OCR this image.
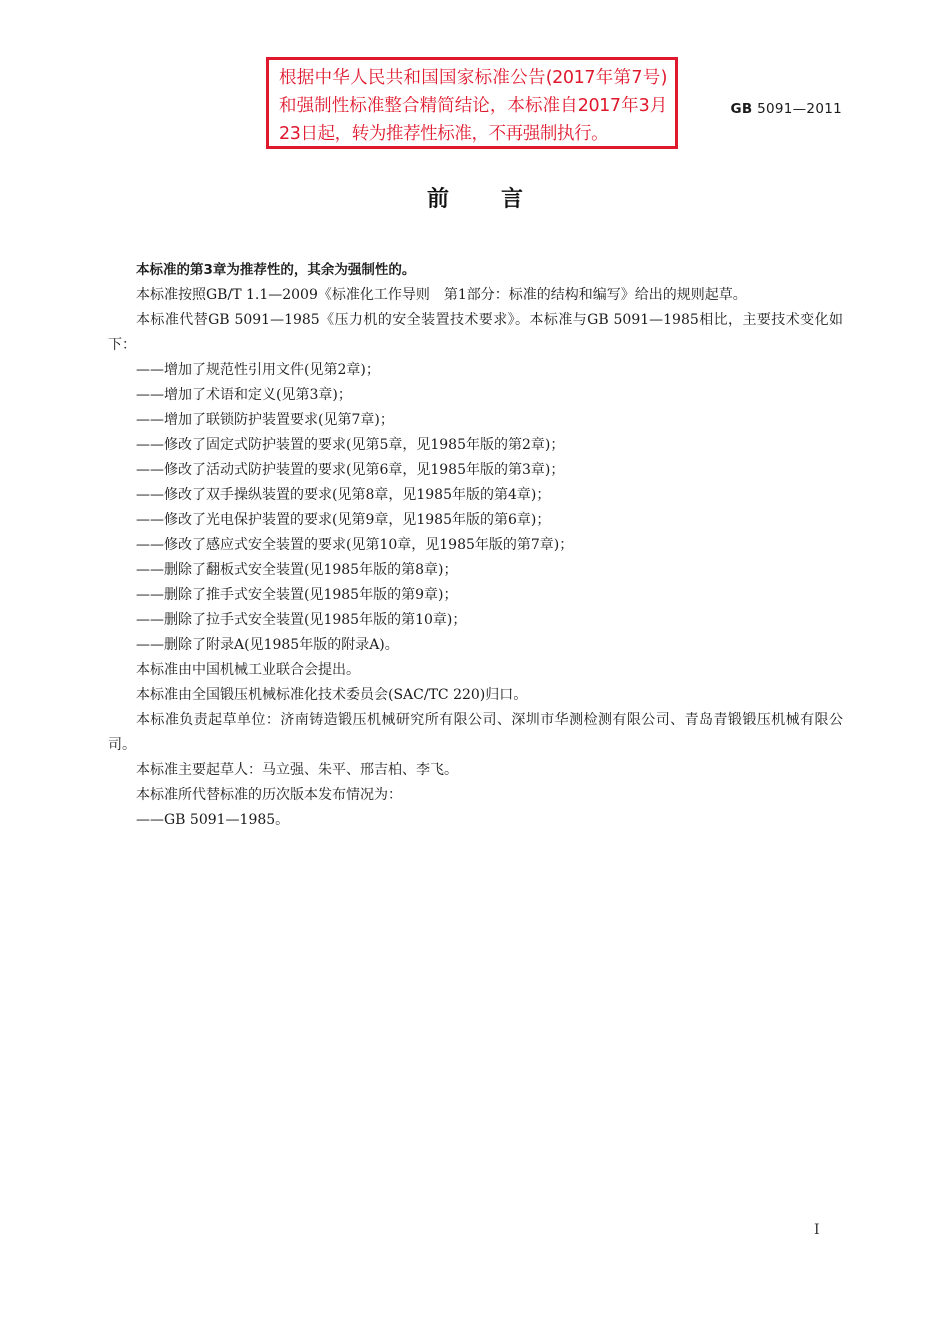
根据中华人民共和国国家标准公告(2017年第7号)和强制性标准整合精简结论，本标准自2017年3月23日起，转为推荐性标准，不再强制执行。
GB 5091—2011
前言

本标准的第3章为推荐性的，其余为强制性的。

本标准按照GB/T 1.1—2009《标准化工作导则　第1部分：标准的结构和编写》给出的规则起草。

本标准代替GB 5091—1985《压力机的安全装置技术要求》。本标准与GB 5091—1985相比，主要技术变化如下：

——增加了规范性引用文件(见第2章)；
——增加了术语和定义(见第3章)；
——增加了联锁防护装置要求(见第7章)；
——修改了固定式防护装置的要求(见第5章，见1985年版的第2章)；
——修改了活动式防护装置的要求(见第6章，见1985年版的第3章)；
——修改了双手操纵装置的要求(见第8章，见1985年版的第4章)；
——修改了光电保护装置的要求(见第9章，见1985年版的第6章)；
——修改了感应式安全装置的要求(见第10章，见1985年版的第7章)；
——删除了翻板式安全装置(见1985年版的第8章)；
——删除了推手式安全装置(见1985年版的第9章)；
——删除了拉手式安全装置(见1985年版的第10章)；
——删除了附录A(见1985年版的附录A)。

本标准由中国机械工业联合会提出。

本标准由全国锻压机械标准化技术委员会(SAC/TC 220)归口。

本标准负责起草单位：济南铸造锻压机械研究所有限公司、深圳市华测检测有限公司、青岛青锻锻压机械有限公司。

本标准主要起草人：马立强、朱平、邢吉柏、李飞。

本标准所代替标准的历次版本发布情况为：

——GB 5091—1985。

I
